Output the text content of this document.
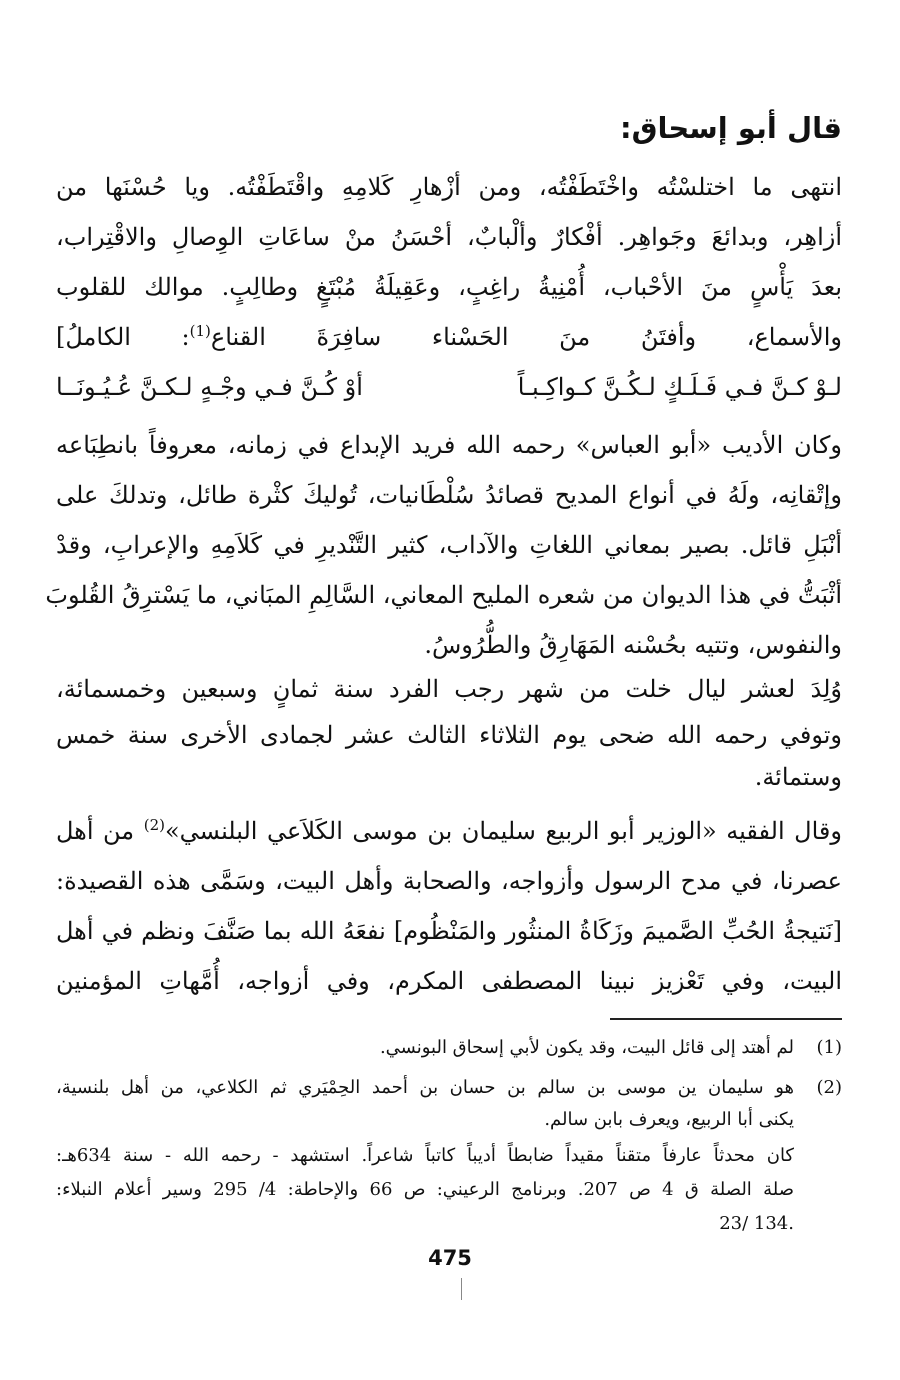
قال أبو إسحاق:
انتهى ما اختلسْتُه واخْتَطَفْتُه، ومن أزْهارِ كَلامِهِ واقْتَطَفْتُه. ويا حُسْنَها من
أزاهِر، وبدائعَ وجَواهِر. أفْكارٌ وألْبابٌ، أحْسَنُ منْ ساعَاتِ الوِصالِ والاقْتِراب،
بعدَ يَأْسٍ منَ الأحْباب، أُمْنِيةُ راغِبٍ، وعَقِيلَةُ مُبْتَغٍ وطالِبٍ. موالك للقلوب
والأسماع، وأفتَنُ منَ الحَسْناء سافِرَةَ القناع$^{(1)}$: الكاملُ]
لـوْ كـنَّ فـي فَـلَـكٍ لـكُـنَّ كـواكِـبـاً
أوْ كُـنَّ فـي وجْـهٍ لـكـنَّ عُـيُـونَــا
وكان الأديب «أبو العباس» رحمه الله فريد الإبداع في زمانه، معروفاً بانطِبَاعه
وإتْقانِه، ولَهُ في أنواع المديح قصائدُ سُلْطَانيات، تُوليكَ كثْرة طائل، وتدلكَ على
أنْبَلِ قائل. بصير بمعاني اللغاتِ والآداب، كثير التَّنْديرِ في كَلاَمِهِ والإعرابِ، وقدْ
أثْبَتُّ في هذا الديوان من شعره المليح المعاني، السَّالِمِ المبَاني، ما يَسْترِقُ القُلوبَ
والنفوس، وتتيه بحُسْنه المَهَارِقُ والطُّرُوسُ.
وُلِدَ لعشر ليال خلت من شهر رجب الفرد سنة ثمانٍ وسبعين وخمسمائة،
وتوفي رحمه الله ضحى يوم الثلاثاء الثالث عشر لجمادى الأخرى سنة خمس
وستمائة.
وقال الفقيه «الوزير أبو الربيع سليمان بن موسى الكَلاَعي البلنسي»$^{(2)}$ من أهل
عصرنا، في مدح الرسول وأزواجه، والصحابة وأهل البيت، وسَمَّى هذه القصيدة:
[نَتيجةُ الحُبِّ الصَّميمَ وزَكَاةُ المنثُور والمَنْظُوم] نفعَهُ الله بما صَنَّفَ ونظم في أهل
البيت، وفي تَعْزيز نبينا المصطفى المكرم، وفي أزواجه، أُمَّهاتِ المؤمنين
(1)
لم أهتد إلى قائل البيت، وقد يكون لأبي إسحاق البونسي.
(2)
هو سليمان ين موسى بن سالم بن حسان بن أحمد الحِمْيَري ثم الكلاعي، من أهل بلنسية،
يكنى أبا الربيع، ويعرف بابن سالم.
كان محدثاً عارفاً متقناً مقيداً ضابطاً أديباً كاتباً شاعراً. استشهد - رحمه الله - سنة 634هـ:
صلة الصلة ق 4 ص 207. وبرنامج الرعيني: ص 66 والإحاطة: 4/ 295 وسير أعلام النبلاء:
.134 /23
475
